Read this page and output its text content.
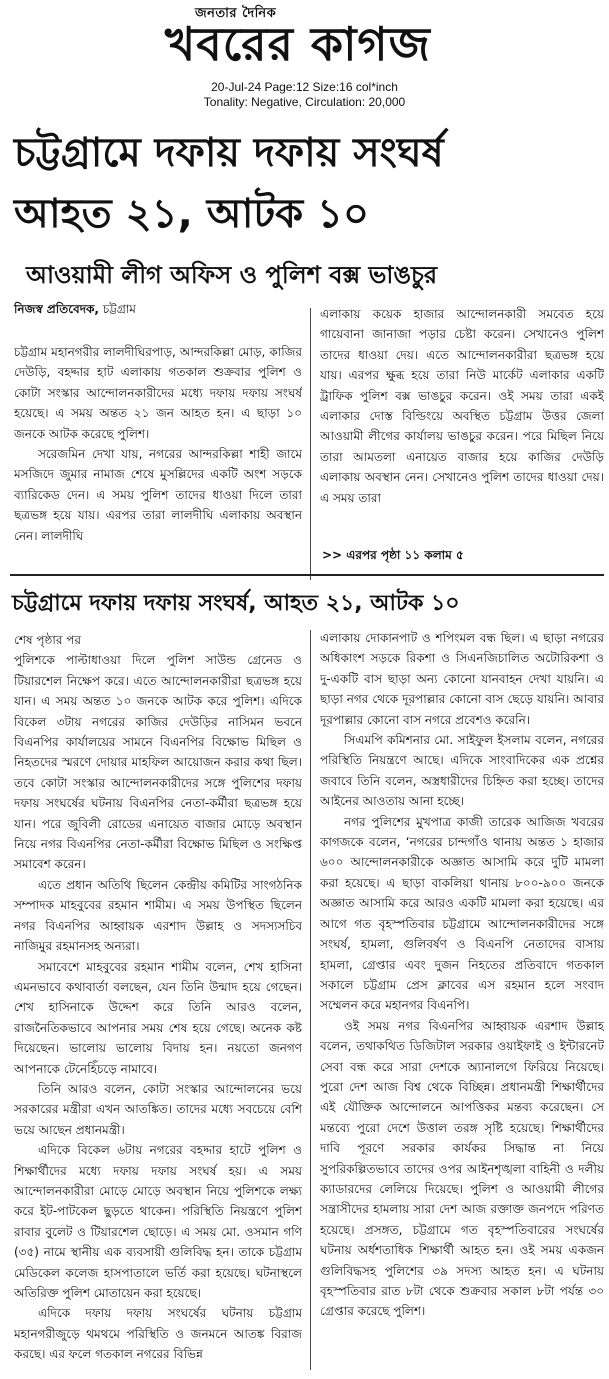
জনতার দৈনিক
খবরের কাগজ
20-Jul-24 Page:12 Size:16 col*inch
Tonality: Negative, Circulation: 20,000
চট্টগ্রামে দফায় দফায় সংঘর্ষ
আহত ২১, আটক ১০
আওয়ামী লীগ অফিস ও পুলিশ বক্স ভাঙচুর
নিজস্ব প্রতিবেদক, চট্টগ্রাম

চট্টগ্রাম মহানগরীর লালদীঘিরপাড়, আন্দরকিল্লা মোড়, কাজির দেউড়ি, বহদ্দার হাট এলাকায় গতকাল শুক্রবার পুলিশ ও কোটা সংস্কার আন্দোলনকারীদের মধ্যে দফায় দফায় সংঘর্ষ হয়েছে। এ সময় অন্তত ২১ জন আহত হন। এ ছাড়া ১০ জনকে আটক করেছে পুলিশ।

সরেজমিন দেখা যায়, নগরের আন্দরকিল্লা শাহী জামে মসজিদে জুমার নামাজ শেষে মুসল্লিদের একটি অংশ সড়কে ব্যারিকেড দেন। এ সময় পুলিশ তাদের ধাওয়া দিলে তারা ছত্রভঙ্গ হয়ে যায়। এরপর তারা লালদীঘি এলাকায় অবস্থান নেন। লালদীঘি

এলাকায় কয়েক হাজার আন্দোলনকারী সমবেত হয়ে গায়েবানা জানাজা পড়ার চেষ্টা করেন। সেখানেও পুলিশ তাদের ধাওয়া দেয়। এতে আন্দোলনকারীরা ছত্রভঙ্গ হয়ে যায়। এরপর ক্ষুব্ধ হয়ে তারা নিউ মার্কেট এলাকার একটি ট্রাফিক পুলিশ বক্স ভাঙচুর করেন। ওই সময় তারা একই এলাকার দোস্ত বিল্ডিংয়ে অবস্থিত চট্টগ্রাম উত্তর জেলা আওয়ামী লীগের কার্যালয় ভাঙচুর করেন। পরে মিছিল নিয়ে তারা আমতলা এনায়েত বাজার হয়ে কাজির দেউড়ি এলাকায় অবস্থান নেন। সেখানেও পুলিশ তাদের ধাওয়া দেয়। এ সময় তারা

>> এরপর পৃষ্ঠা ১১ কলাম ৫
চট্টগ্রামে দফায় দফায় সংঘর্ষ, আহত ২১, আটক ১০

শেষ পৃষ্ঠার পর

পুলিশকে পাল্টাধাওয়া দিলে পুলিশ সাউন্ড গ্রেনেড ও টিয়ারশেল নিক্ষেপ করে। এতে আন্দোলনকারীরা ছত্রভঙ্গ হয়ে যান। এ সময় অন্তত ১০ জনকে আটক করে পুলিশ। এদিকে বিকেল ৩টায় নগরের কাজির দেউড়ির নাসিমন ভবনে বিএনপির কার্যালয়ের সামনে বিএনপির বিক্ষোভ মিছিল ও নিহতদের স্মরণে দোয়ার মাহফিল আয়োজন করার কথা ছিল। তবে কোটা সংস্কার আন্দোলনকারীদের সঙ্গে পুলিশের দফায় দফায় সংঘর্ষের ঘটনায় বিএনপির নেতা-কর্মীরা ছত্রভঙ্গ হয়ে যান। পরে জুবিলী রোডের এনায়েত বাজার মোড়ে অবস্থান নিয়ে নগর বিএনপির নেতা-কর্মীরা বিক্ষোভ মিছিল ও সংক্ষিপ্ত সমাবেশ করেন।

এতে প্রধান অতিথি ছিলেন কেন্দ্রীয় কমিটির সাংগঠনিক সম্পাদক মাহবুবের রহমান শামীম। এ সময় উপস্থিত ছিলেন নগর বিএনপির আহ্বায়ক এরশাদ উল্লাহ ও সদস্যসচিব নাজিমুর রহমানসহ অন্যরা।

সমাবেশে মাহবুবের রহমান শামীম বলেন, শেখ হাসিনা এমনভাবে কথাবার্তা বলছেন, যেন তিনি উন্মাদ হয়ে গেছেন। শেখ হাসিনাকে উদ্দেশ করে তিনি আরও বলেন, রাজনৈতিকভাবে আপনার সময় শেষ হয়ে গেছে। অনেক কষ্ট দিয়েছেন। ভালোয় ভালোয় বিদায় হন। নয়তো জনগণ আপনাকে টেনেহিঁচড়ে নামাবে।

তিনি আরও বলেন, কোটা সংস্কার আন্দোলনের ভয়ে সরকারের মন্ত্রীরা এখন আতঙ্কিত। তাদের মধ্যে সবচেয়ে বেশি ভয়ে আছেন প্রধানমন্ত্রী।

এদিকে বিকেল ৬টায় নগরের বহদ্দার হাটে পুলিশ ও শিক্ষার্থীদের মধ্যে দফায় দফায় সংঘর্ষ হয়। এ সময় আন্দোলনকারীরা মোড়ে মোড়ে অবস্থান নিয়ে পুলিশকে লক্ষ্য করে ইট-পাটকেল ছুড়তে থাকেন। পরিস্থিতি নিয়ন্ত্রণে পুলিশ রাবার বুলেট ও টিয়ারশেল ছোড়ে। এ সময় মো. ওসমান গণি (৩৫) নামে স্থানীয় এক ব্যবসায়ী গুলিবিদ্ধ হন। তাকে চট্টগ্রাম মেডিকেল কলেজ হাসপাতালে ভর্তি করা হয়েছে। ঘটনাস্থলে অতিরিক্ত পুলিশ মোতায়েন করা হয়েছে।

এদিকে দফায় দফায় সংঘর্ষের ঘটনায় চট্টগ্রাম মহানগরীজুড়ে থমথমে পরিস্থিতি ও জনমনে আতঙ্ক বিরাজ করছে। এর ফলে গতকাল নগরের বিভিন্ন

এলাকায় দোকানপাট ও শপিংমল বন্ধ ছিল। এ ছাড়া নগরের অধিকাংশ সড়কে রিকশা ও সিএনজিচালিত অটোরিকশা ও দু-একটি বাস ছাড়া অন্য কোনো যানবাহন দেখা যায়নি। এ ছাড়া নগর থেকে দূরপাল্লার কোনো বাস ছেড়ে যায়নি। আবার দূরপাল্লার কোনো বাস নগরে প্রবেশও করেনি।

সিএমপি কমিশনার মো. সাইফুল ইসলাম বলেন, নগরের পরিস্থিতি নিয়ন্ত্রণে আছে। এদিকে সাংবাদিকের এক প্রশ্নের জবাবে তিনি বলেন, অস্ত্রধারীদের চিহ্নিত করা হচ্ছে। তাদের আইনের আওতায় আনা হচ্ছে।

নগর পুলিশের মুখপাত্র কাজী তারেক আজিজ খবরের কাগজকে বলেন, ‘নগরের চান্দগাঁও থানায় অন্তত ১ হাজার ৬০০ আন্দোলনকারীকে অজ্ঞাত আসামি করে দুটি মামলা করা হয়েছে। এ ছাড়া বাকলিয়া থানায় ৮০০-৯০০ জনকে অজ্ঞাত আসামি করে আরও একটি মামলা করা হয়েছে। এর আগে গত বৃহস্পতিবার চট্টগ্রামে আন্দোলনকারীদের সঙ্গে সংঘর্ষ, হামলা, গুলিবর্ষণ ও বিএনপি নেতাদের বাসায় হামলা, গ্রেপ্তার এবং দুজন নিহতের প্রতিবাদে গতকাল সকালে চট্টগ্রাম প্রেস ক্লাবের এস রহমান হলে সংবাদ সম্মেলন করে মহানগর বিএনপি।

ওই সময় নগর বিএনপির আহ্বায়ক এরশাদ উল্লাহ বলেন, তথাকথিত ডিজিটাল সরকার ওয়াইফাই ও ইন্টারনেট সেবা বন্ধ করে সারা দেশকে অ্যানালগে ফিরিয়ে নিয়েছে। পুরো দেশ আজ বিশ্ব থেকে বিচ্ছিন্ন। প্রধানমন্ত্রী শিক্ষার্থীদের এই যৌক্তিক আন্দোলনে আপত্তিকর মন্তব্য করেছেন। সে মন্তব্যে পুরো দেশে উত্তাল তরঙ্গ সৃষ্টি হয়েছে। শিক্ষার্থীদের দাবি পূরণে সরকার কার্যকর সিদ্ধান্ত না নিয়ে সুপরিকল্পিতভাবে তাদের ওপর আইনশৃঙ্খলা বাহিনী ও দলীয় ক্যাডারদের লেলিয়ে দিয়েছে। পুলিশ ও আওয়ামী লীগের সন্ত্রাসীদের হামলায় সারা দেশ আজ রক্তাক্ত জনপদে পরিণত হয়েছে। প্রসঙ্গত, চট্টগ্রামে গত বৃহস্পতিবারের সংঘর্ষের ঘটনায় অর্ধশতাধিক শিক্ষার্থী আহত হন। ওই সময় একজন গুলিবিদ্ধসহ পুলিশের ৩৯ সদস্য আহত হন। এ ঘটনায় বৃহস্পতিবার রাত ৮টা থেকে শুক্রবার সকাল ৮টা পর্যন্ত ৩০ গ্রেপ্তার করেছে পুলিশ।
